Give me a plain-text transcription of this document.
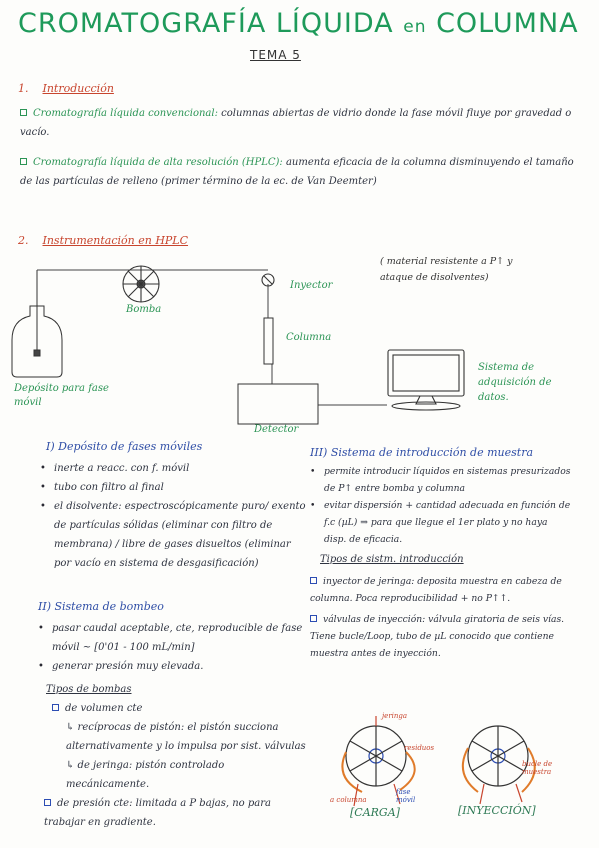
CROMATOGRAFÍA LÍQUIDA en COLUMNA
TEMA 5
1. Introducción
Cromatografía líquida convencional: columnas abiertas de vidrio donde la fase móvil fluye por gravedad o vacío.
Cromatografía líquida de alta resolución (HPLC): aumenta eficacia de la columna disminuyendo el tamaño de las partículas de relleno (primer término de la ec. de Van Deemter)
2. Instrumentación en HPLC
( material resistente a P↑ y ataque de disolventes)
Bomba
Inyector
Columna
Depósito para fase móvil
Detector
Sistema de adquisición de datos.
I) Depósito de fases móviles
• inerte a reacc. con f. móvil
• tubo con filtro al final
• el disolvente: espectroscópicamente puro/ exento de partículas sólidas (eliminar con filtro de membrana) / libre de gases disueltos (eliminar por vacío en sistema de desgasificación)
II) Sistema de bombeo
• pasar caudal aceptable, cte, reproducible de fase móvil ~ [0'01 - 100 mL/min]
• generar presión muy elevada.
Tipos de bombas
de volumen cte
↳ recíprocas de pistón: el pistón succiona alternativamente y lo impulsa por sist. válvulas
↳ de jeringa: pistón controlado mecánicamente.
de presión cte: limitada a P bajas, no para trabajar en gradiente.
III) Sistema de introducción de muestra
• permite introducir líquidos en sistemas presurizados de P↑ entre bomba y columna
• evitar dispersión + cantidad adecuada en función de f.c (µL) ⇒ para que llegue el 1er plato y no haya disp. de eficacia.
Tipos de sistm. introducción
inyector de jeringa: deposita muestra en cabeza de columna. Poca reproducibilidad + no P↑↑.
válvulas de inyección: válvula giratoria de seis vías. Tiene bucle/Loop, tubo de µL conocido que contiene muestra antes de inyección.
jeringa
residuos
a columna
fase móvil
bucle de muestra
[CARGA]	[INYECCIÓN]
